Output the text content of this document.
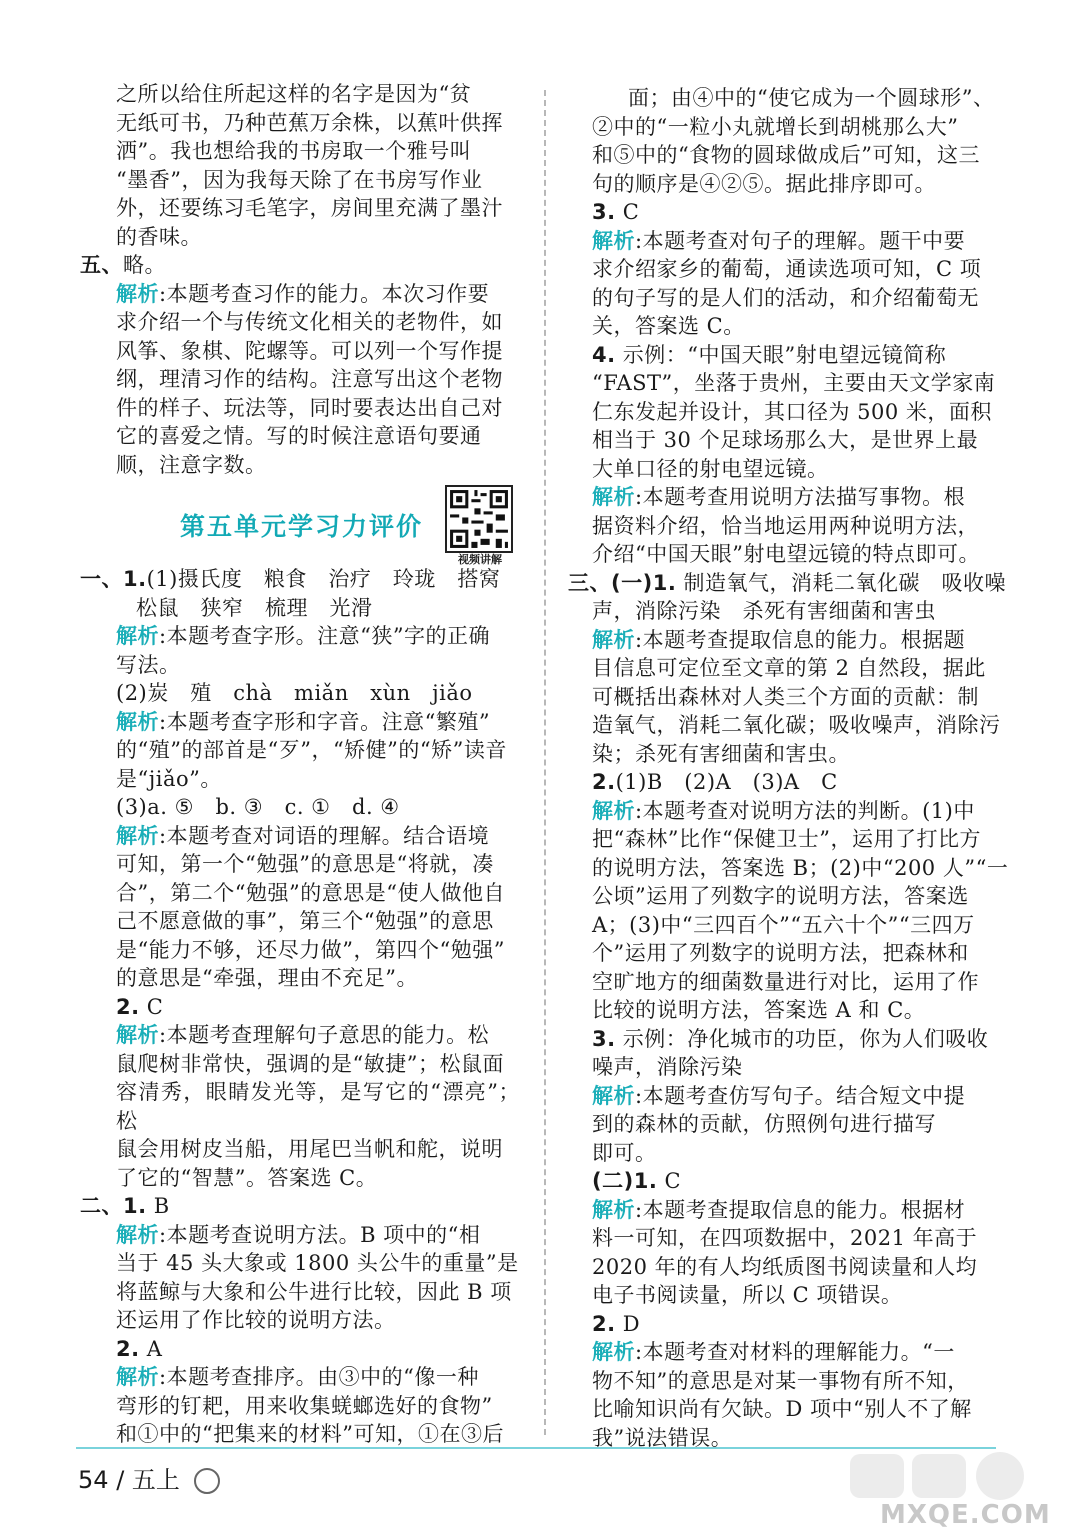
之所以给住所起这样的名字是因为“贫

无纸可书，乃种芭蕉万余株，以蕉叶供挥

洒”。我也想给我的书房取一个雅号叫

“墨香”，因为我每天除了在书房写作业

外，还要练习毛笔字，房间里充满了墨汁

的香味。

五、略。

解析:本题考查习作的能力。本次习作要

求介绍一个与传统文化相关的老物件，如

风筝、象棋、陀螺等。可以列一个写作提

纲，理清习作的结构。注意写出这个老物

件的样子、玩法等，同时要表达出自己对

它的喜爱之情。写的时候注意语句要通

顺，注意字数。

第五单元学习力评价
视频讲解

一、1.(1)摄氏度　粮食　治疗　玲珑　搭窝

松鼠　狭窄　梳理　光滑

解析:本题考查字形。注意“狭”字的正确

写法。

(2)炭　殖　chà　miǎn　xùn　jiǎo

解析:本题考查字形和字音。注意“繁殖”

的“殖”的部首是“歹”，“矫健”的“矫”读音

是“jiǎo”。

(3)a. ⑤　b. ③　c. ①　d. ④

解析:本题考查对词语的理解。结合语境

可知，第一个“勉强”的意思是“将就，凑

合”，第二个“勉强”的意思是“使人做他自

己不愿意做的事”，第三个“勉强”的意思

是“能力不够，还尽力做”，第四个“勉强”

的意思是“牵强，理由不充足”。

2. C

解析:本题考查理解句子意思的能力。松

鼠爬树非常快，强调的是“敏捷”；松鼠面

容清秀，眼睛发光等，是写它的“漂亮”；松

鼠会用树皮当船，用尾巴当帆和舵，说明

了它的“智慧”。答案选 C。

二、1. B

解析:本题考查说明方法。B 项中的“相

当于 45 头大象或 1800 头公牛的重量”是

将蓝鲸与大象和公牛进行比较，因此 B 项

还运用了作比较的说明方法。

2. A

解析:本题考查排序。由③中的“像一种

弯形的钉耙，用来收集蜣螂选好的食物”

和①中的“把集来的材料”可知，①在③后

面；由④中的“使它成为一个圆球形”、

②中的“一粒小丸就增长到胡桃那么大”

和⑤中的“食物的圆球做成后”可知，这三

句的顺序是④②⑤。据此排序即可。

3. C

解析:本题考查对句子的理解。题干中要

求介绍家乡的葡萄，通读选项可知，C 项

的句子写的是人们的活动，和介绍葡萄无

关，答案选 C。

4. 示例：“中国天眼”射电望远镜简称

“FAST”，坐落于贵州，主要由天文学家南

仁东发起并设计，其口径为 500 米，面积

相当于 30 个足球场那么大，是世界上最

大单口径的射电望远镜。

解析:本题考查用说明方法描写事物。根

据资料介绍，恰当地运用两种说明方法，

介绍“中国天眼”射电望远镜的特点即可。

三、(一)1. 制造氧气，消耗二氧化碳　吸收噪

声，消除污染　杀死有害细菌和害虫

解析:本题考查提取信息的能力。根据题

目信息可定位至文章的第 2 自然段，据此

可概括出森林对人类三个方面的贡献：制

造氧气，消耗二氧化碳；吸收噪声，消除污

染；杀死有害细菌和害虫。

2.(1)B　(2)A　(3)A　C

解析:本题考查对说明方法的判断。(1)中

把“森林”比作“保健卫士”，运用了打比方

的说明方法，答案选 B；(2)中“200 人”“一

公顷”运用了列数字的说明方法，答案选

A；(3)中“三四百个”“五六十个”“三四万

个”运用了列数字的说明方法，把森林和

空旷地方的细菌数量进行对比，运用了作

比较的说明方法，答案选 A 和 C。

3. 示例：净化城市的功臣，你为人们吸收

噪声，消除污染

解析:本题考查仿写句子。结合短文中提

到的森林的贡献，仿照例句进行描写

即可。

(二)1. C

解析:本题考查提取信息的能力。根据材

料一可知，在四项数据中，2021 年高于

2020 年的有人均纸质图书阅读量和人均

电子书阅读量，所以 C 项错误。

2. D

解析:本题考查对材料的理解能力。“一

物不知”的意思是对某一事物有所不知，

比喻知识尚有欠缺。D 项中“别人不了解

我”说法错误。

54 / 五上
MXQE.COM
